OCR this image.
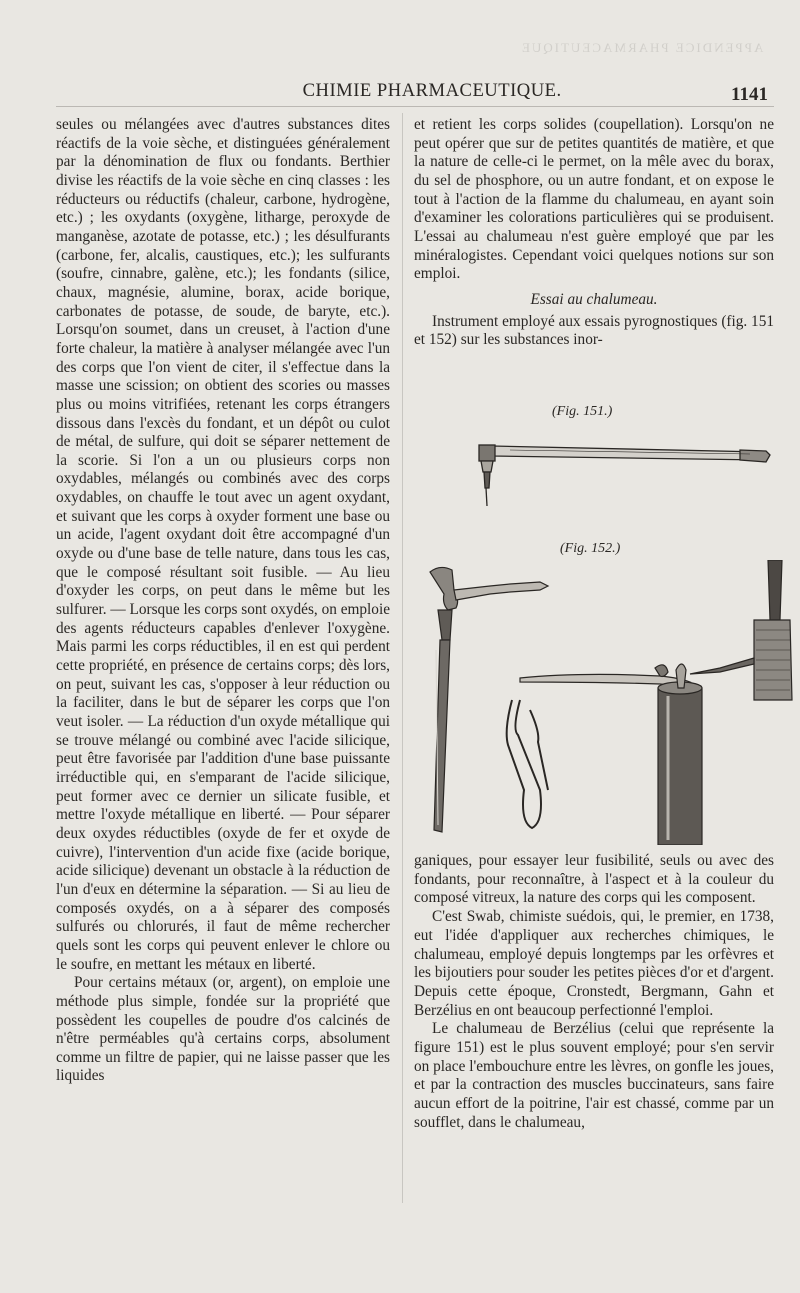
APPENDICE PHARMACEUTIQUE
CHIMIE PHARMACEUTIQUE.	1141

seules ou mélangées avec d'autres substances dites réactifs de la voie sèche, et distinguées généralement par la dénomination de flux ou fondants. Berthier divise les réactifs de la voie sèche en cinq classes : les réducteurs ou réductifs (chaleur, carbone, hydrogène, etc.) ; les oxydants (oxygène, litharge, peroxyde de manganèse, azotate de potasse, etc.) ; les désulfurants (carbone, fer, alcalis, caustiques, etc.); les sulfurants (soufre, cinnabre, galène, etc.); les fondants (silice, chaux, magnésie, alumine, borax, acide borique, carbonates de potasse, de soude, de baryte, etc.). Lorsqu'on soumet, dans un creuset, à l'action d'une forte chaleur, la matière à analyser mélangée avec l'un des corps que l'on vient de citer, il s'effectue dans la masse une scission; on obtient des scories ou masses plus ou moins vitrifiées, retenant les corps étrangers dissous dans l'excès du fondant, et un dépôt ou culot de métal, de sulfure, qui doit se séparer nettement de la scorie. Si l'on a un ou plusieurs corps non oxydables, mélangés ou combinés avec des corps oxydables, on chauffe le tout avec un agent oxydant, et suivant que les corps à oxyder forment une base ou un acide, l'agent oxydant doit être accompagné d'un oxyde ou d'une base de telle nature, dans tous les cas, que le composé résultant soit fusible. — Au lieu d'oxyder les corps, on peut dans le même but les sulfurer. — Lorsque les corps sont oxydés, on emploie des agents réducteurs capables d'enlever l'oxygène. Mais parmi les corps réductibles, il en est qui perdent cette propriété, en présence de certains corps; dès lors, on peut, suivant les cas, s'opposer à leur réduction ou la faciliter, dans le but de séparer les corps que l'on veut isoler. — La réduction d'un oxyde métallique qui se trouve mélangé ou combiné avec l'acide silicique, peut être favorisée par l'addition d'une base puissante irréductible qui, en s'emparant de l'acide silicique, peut former avec ce dernier un silicate fusible, et mettre l'oxyde métallique en liberté. — Pour séparer deux oxydes réductibles (oxyde de fer et oxyde de cuivre), l'intervention d'un acide fixe (acide borique, acide silicique) devenant un obstacle à la réduction de l'un d'eux en détermine la séparation. — Si au lieu de composés oxydés, on a à séparer des composés sulfurés ou chlorurés, il faut de même rechercher quels sont les corps qui peuvent enlever le chlore ou le soufre, en mettant les métaux en liberté.

Pour certains métaux (or, argent), on emploie une méthode plus simple, fondée sur la propriété que possèdent les coupelles de poudre d'os calcinés de n'être perméables qu'à certains corps, absolument comme un filtre de papier, qui ne laisse passer que les liquides

et retient les corps solides (coupellation). Lorsqu'on ne peut opérer que sur de petites quantités de matière, et que la nature de celle-ci le permet, on la mêle avec du borax, du sel de phosphore, ou un autre fondant, et on expose le tout à l'action de la flamme du chalumeau, en ayant soin d'examiner les colorations particulières qui se produisent. L'essai au chalumeau n'est guère employé que par les minéralogistes. Cependant voici quelques notions sur son emploi.

Essai au chalumeau.

Instrument employé aux essais pyrognostiques (fig. 151 et 152) sur les substances inor-

(Fig. 151.)
(Fig. 152.)

ganiques, pour essayer leur fusibilité, seuls ou avec des fondants, pour reconnaître, à l'aspect et à la couleur du composé vitreux, la nature des corps qui les composent.

C'est Swab, chimiste suédois, qui, le premier, en 1738, eut l'idée d'appliquer aux recherches chimiques, le chalumeau, employé depuis longtemps par les orfèvres et les bijoutiers pour souder les petites pièces d'or et d'argent. Depuis cette époque, Cronstedt, Bergmann, Gahn et Berzélius en ont beaucoup perfectionné l'emploi.

Le chalumeau de Berzélius (celui que représente la figure 151) est le plus souvent employé; pour s'en servir on place l'embouchure entre les lèvres, on gonfle les joues, et par la contraction des muscles buccinateurs, sans faire aucun effort de la poitrine, l'air est chassé, comme par un soufflet, dans le chalumeau,
